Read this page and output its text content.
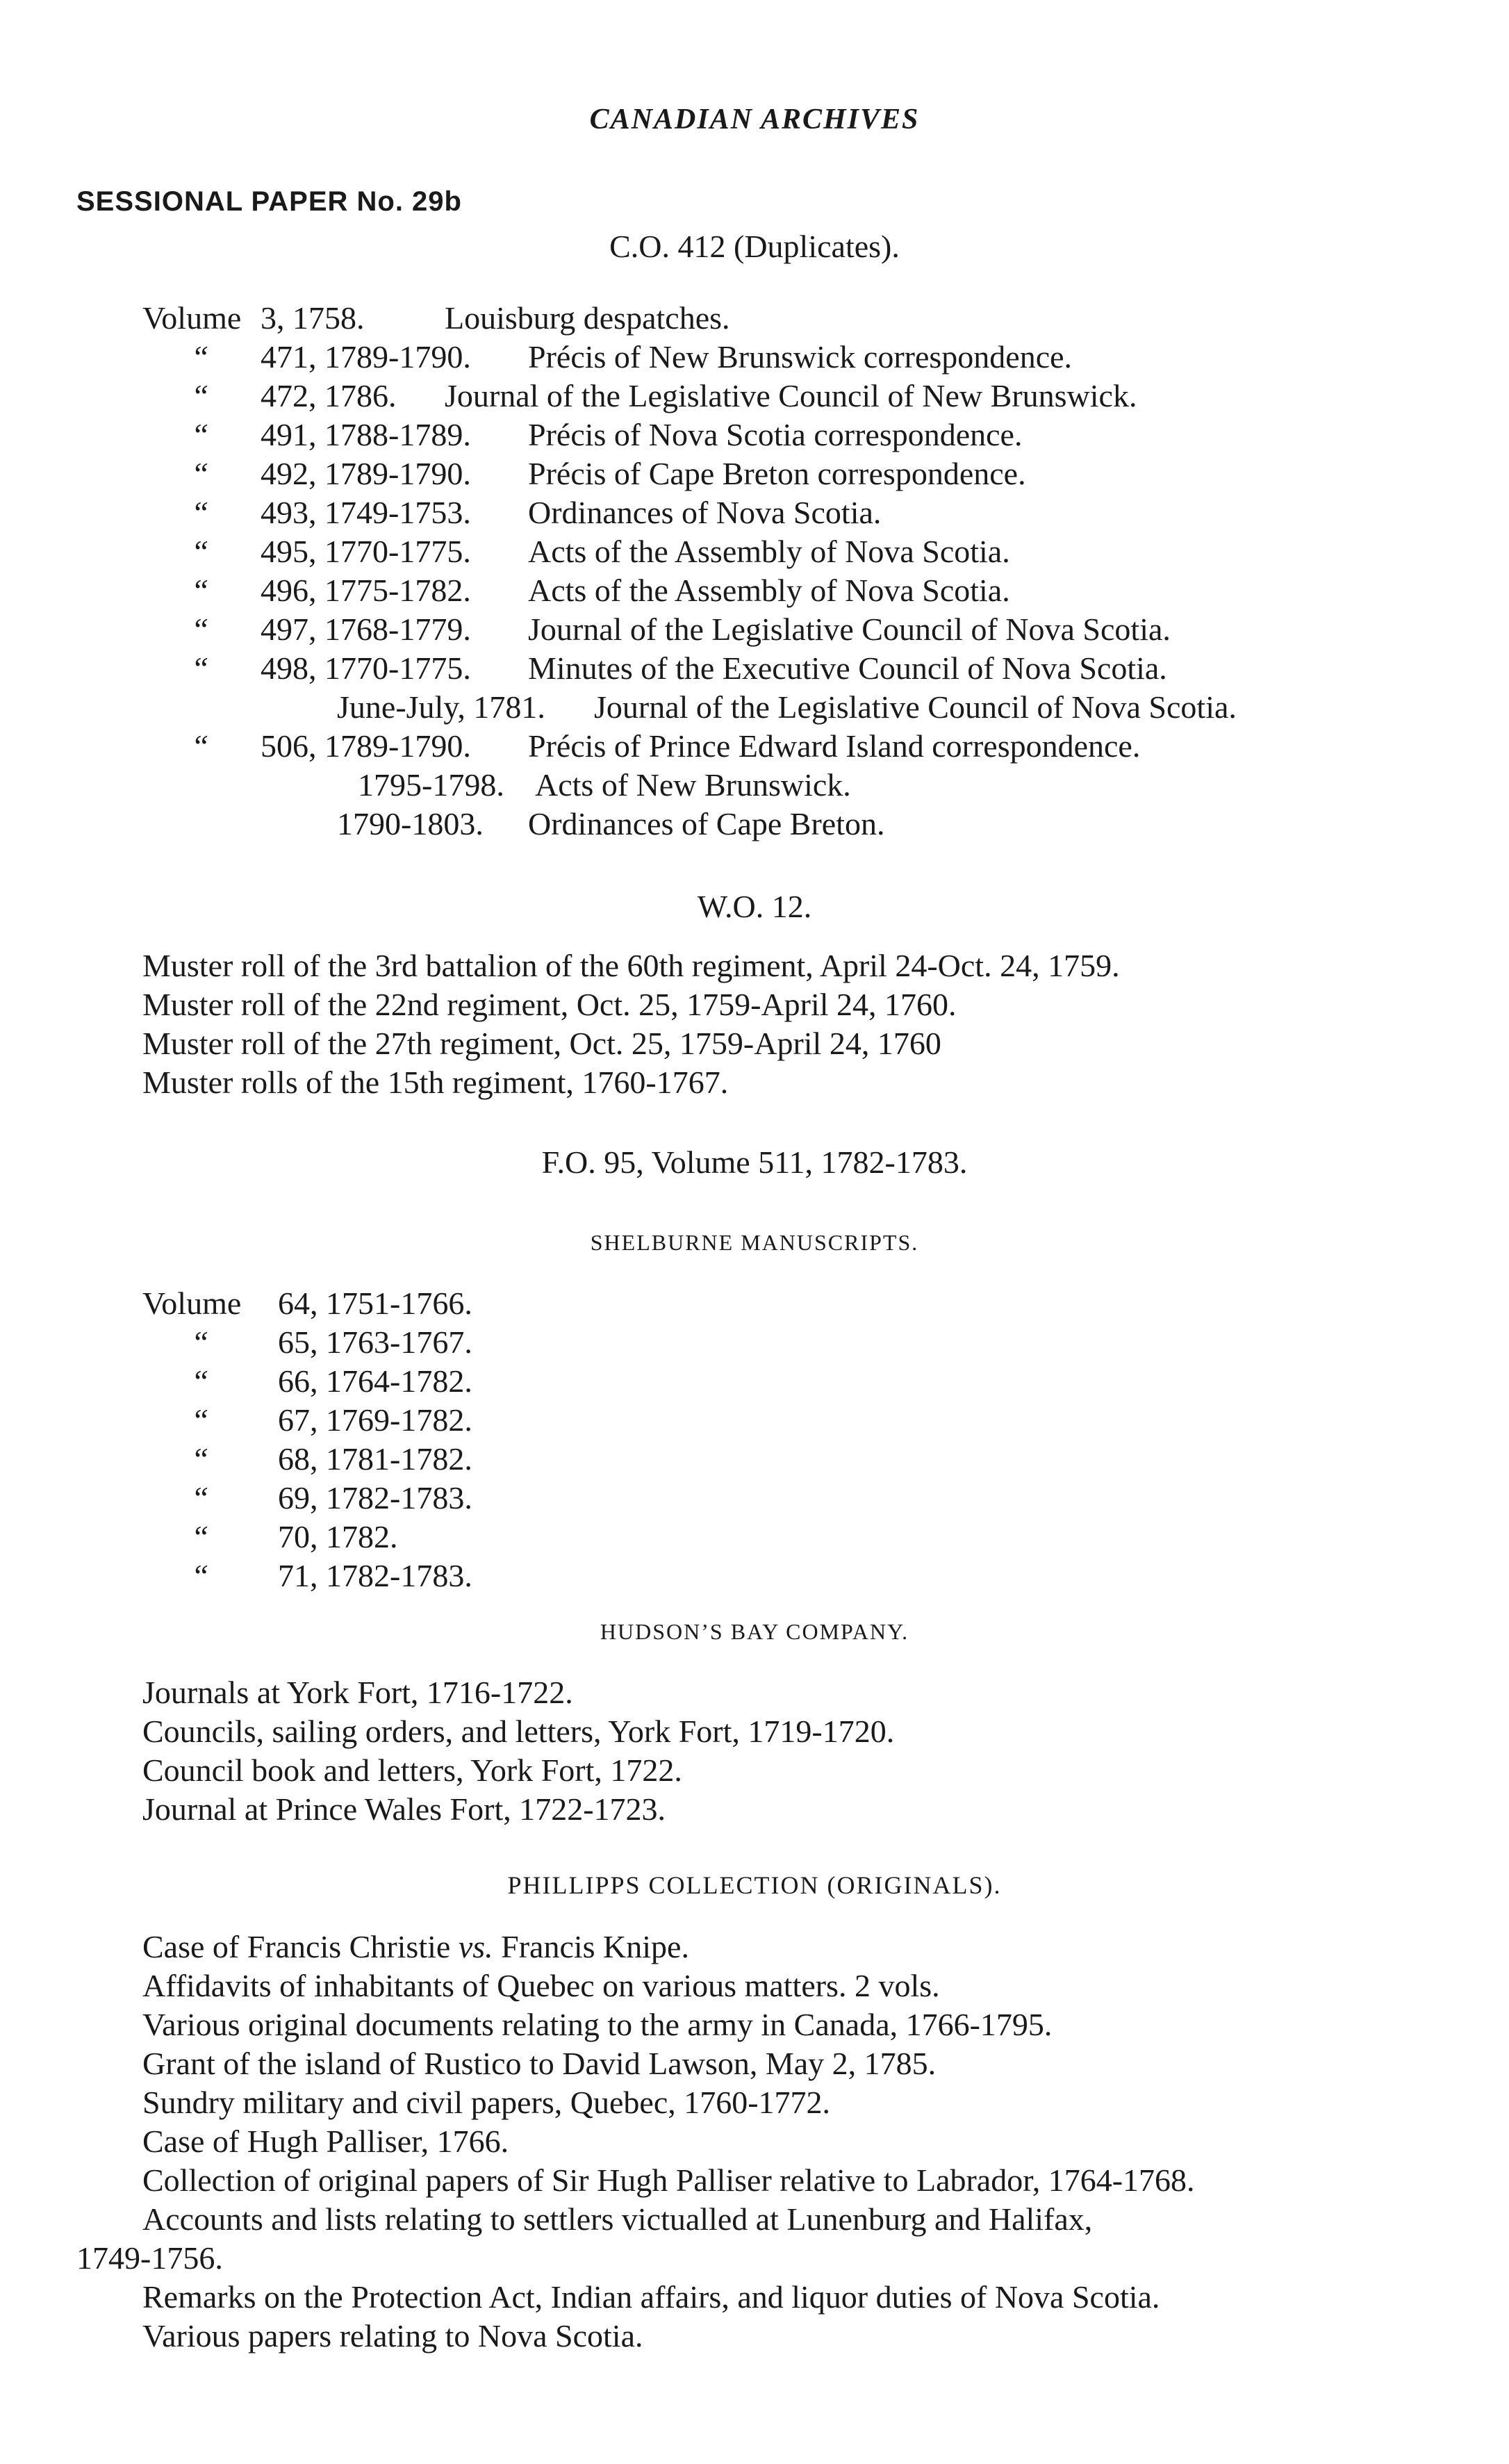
CANADIAN ARCHIVES
SESSIONAL PAPER No. 29b
C.O. 412 (Duplicates).
Volume 3, 1758.	Louisburg despatches.
“ 471, 1789-1790. Précis of New Brunswick correspondence.
“ 472, 1786. Journal of the Legislative Council of New Brunswick.
“ 491, 1788-1789. Précis of Nova Scotia correspondence.
“ 492, 1789-1790. Précis of Cape Breton correspondence.
“ 493, 1749-1753. Ordinances of Nova Scotia.
“ 495, 1770-1775. Acts of the Assembly of Nova Scotia.
“ 496, 1775-1782. Acts of the Assembly of Nova Scotia.
“ 497, 1768-1779. Journal of the Legislative Council of Nova Scotia.
“ 498, 1770-1775. Minutes of the Executive Council of Nova Scotia.
June-July, 1781. Journal of the Legislative Council of Nova Scotia.
“ 506, 1789-1790. Précis of Prince Edward Island correspondence.
1795-1798. Acts of New Brunswick.
1790-1803. Ordinances of Cape Breton.
W.O. 12.
Muster roll of the 3rd battalion of the 60th regiment, April 24-Oct. 24, 1759.
Muster roll of the 22nd regiment, Oct. 25, 1759-April 24, 1760.
Muster roll of the 27th regiment, Oct. 25, 1759-April 24, 1760
Muster rolls of the 15th regiment, 1760-1767.
F.O. 95, Volume 511, 1782-1783.
SHELBURNE MANUSCRIPTS.
Volume 64, 1751-1766.
“ 65, 1763-1767.
“ 66, 1764-1782.
“ 67, 1769-1782.
“ 68, 1781-1782.
“ 69, 1782-1783.
“ 70, 1782.
“ 71, 1782-1783.
HUDSON’S BAY COMPANY.
Journals at York Fort, 1716-1722.
Councils, sailing orders, and letters, York Fort, 1719-1720.
Council book and letters, York Fort, 1722.
Journal at Prince Wales Fort, 1722-1723.
PHILLIPPS COLLECTION (ORIGINALS).
Case of Francis Christie vs. Francis Knipe.
Affidavits of inhabitants of Quebec on various matters. 2 vols.
Various original documents relating to the army in Canada, 1766-1795.
Grant of the island of Rustico to David Lawson, May 2, 1785.
Sundry military and civil papers, Quebec, 1760-1772.
Case of Hugh Palliser, 1766.
Collection of original papers of Sir Hugh Palliser relative to Labrador, 1764-1768.
Accounts and lists relating to settlers victualled at Lunenburg and Halifax,
1749-1756.
Remarks on the Protection Act, Indian affairs, and liquor duties of Nova Scotia.
Various papers relating to Nova Scotia.
